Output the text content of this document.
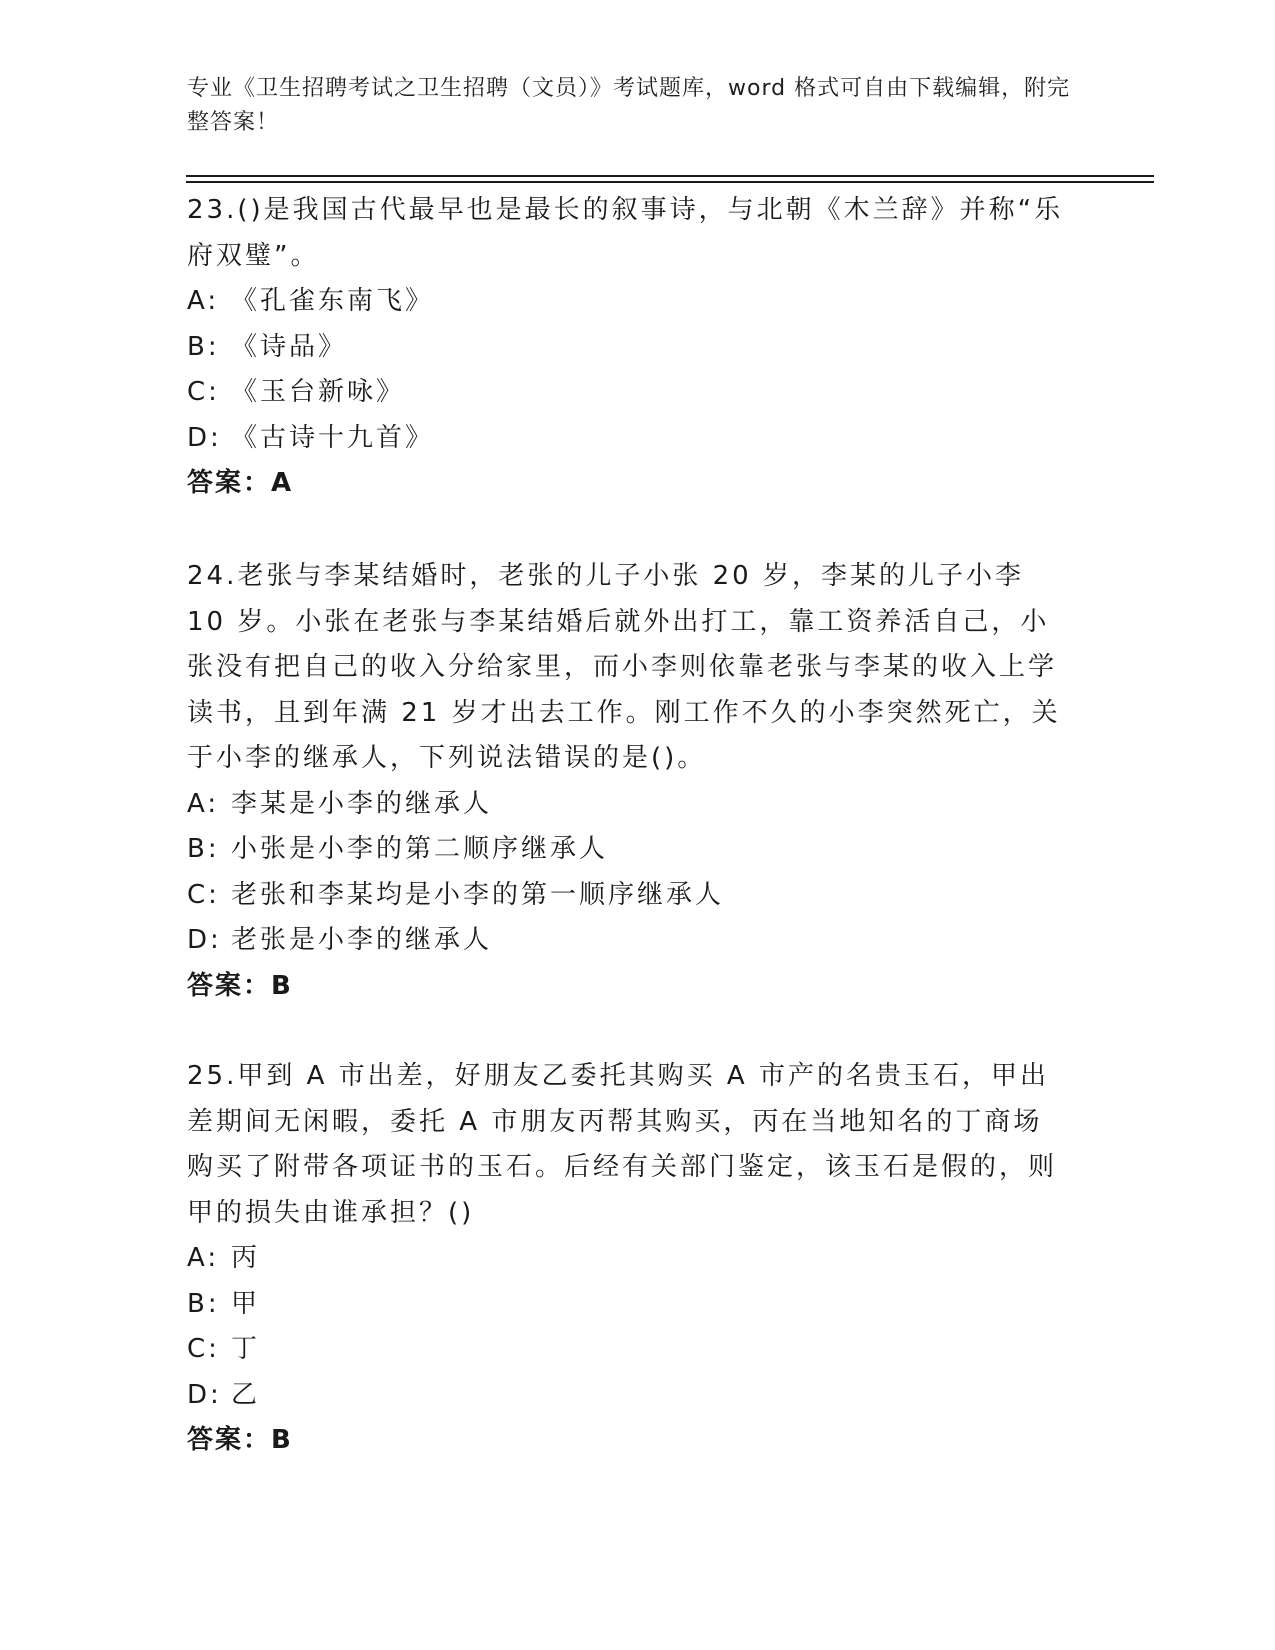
专业《卫生招聘考试之卫生招聘（文员）》考试题库，word 格式可自由下载编辑，附完整答案！
23.()是我国古代最早也是最长的叙事诗，与北朝《木兰辞》并称“乐府双璧”。
A: 《孔雀东南飞》
B: 《诗品》
C: 《玉台新咏》
D: 《古诗十九首》
答案：A
24.老张与李某结婚时，老张的儿子小张 20 岁，李某的儿子小李 10 岁。小张在老张与李某结婚后就外出打工，靠工资养活自己，小张没有把自己的收入分给家里，而小李则依靠老张与李某的收入上学读书，且到年满 21 岁才出去工作。刚工作不久的小李突然死亡，关于小李的继承人，下列说法错误的是()。
A: 李某是小李的继承人
B: 小张是小李的第二顺序继承人
C: 老张和李某均是小李的第一顺序继承人
D: 老张是小李的继承人
答案：B
25.甲到 A 市出差，好朋友乙委托其购买 A 市产的名贵玉石，甲出差期间无闲暇，委托 A 市朋友丙帮其购买，丙在当地知名的丁商场购买了附带各项证书的玉石。后经有关部门鉴定，该玉石是假的，则甲的损失由谁承担？()
A: 丙
B: 甲
C: 丁
D: 乙
答案：B
